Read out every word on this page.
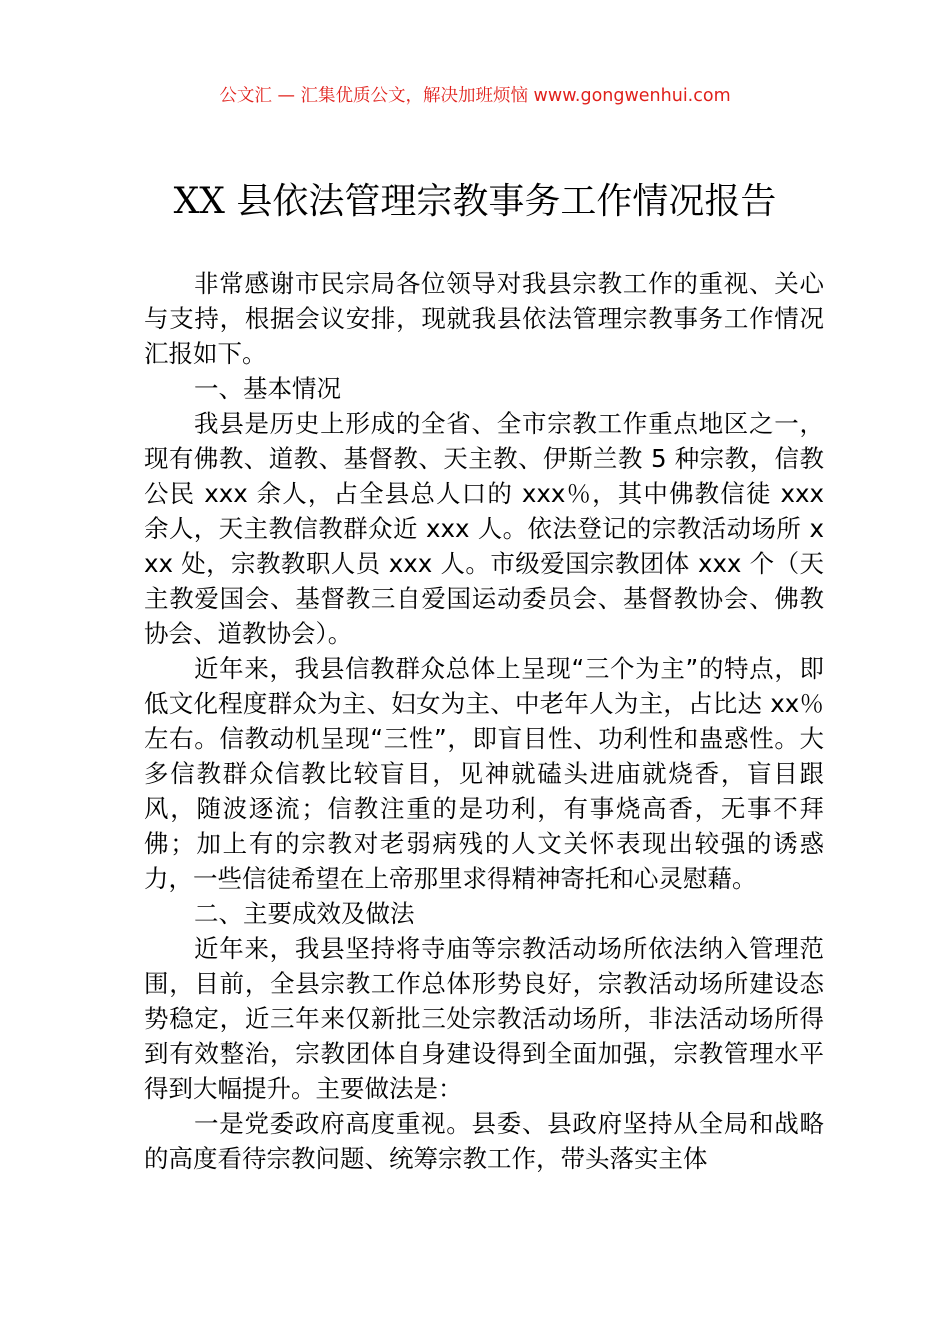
公文汇 — 汇集优质公文，解决加班烦恼 www.gongwenhui.com
XX 县依法管理宗教事务工作情况报告

非常感谢市民宗局各位领导对我县宗教工作的重视、关心与支持，根据会议安排，现就我县依法管理宗教事务工作情况汇报如下。

一、基本情况

我县是历史上形成的全省、全市宗教工作重点地区之一，现有佛教、道教、基督教、天主教、伊斯兰教 5 种宗教，信教公民 xxx 余人，占全县总人口的 xxx％，其中佛教信徒 xxx 余人，天主教信教群众近 xxx 人。依法登记的宗教活动场所 xxx 处，宗教教职人员 xxx 人。市级爱国宗教团体 xxx 个（天主教爱国会、基督教三自爱国运动委员会、基督教协会、佛教协会、道教协会）。

近年来，我县信教群众总体上呈现“三个为主”的特点，即低文化程度群众为主、妇女为主、中老年人为主，占比达 xx％左右。信教动机呈现“三性”，即盲目性、功利性和蛊惑性。大多信教群众信教比较盲目，见神就磕头进庙就烧香，盲目跟风，随波逐流；信教注重的是功利，有事烧高香，无事不拜佛；加上有的宗教对老弱病残的人文关怀表现出较强的诱惑力，一些信徒希望在上帝那里求得精神寄托和心灵慰藉。

二、主要成效及做法

近年来，我县坚持将寺庙等宗教活动场所依法纳入管理范围，目前，全县宗教工作总体形势良好，宗教活动场所建设态势稳定，近三年来仅新批三处宗教活动场所，非法活动场所得到有效整治，宗教团体自身建设得到全面加强，宗教管理水平得到大幅提升。主要做法是：

一是党委政府高度重视。县委、县政府坚持从全局和战略的高度看待宗教问题、统筹宗教工作，带头落实主体
